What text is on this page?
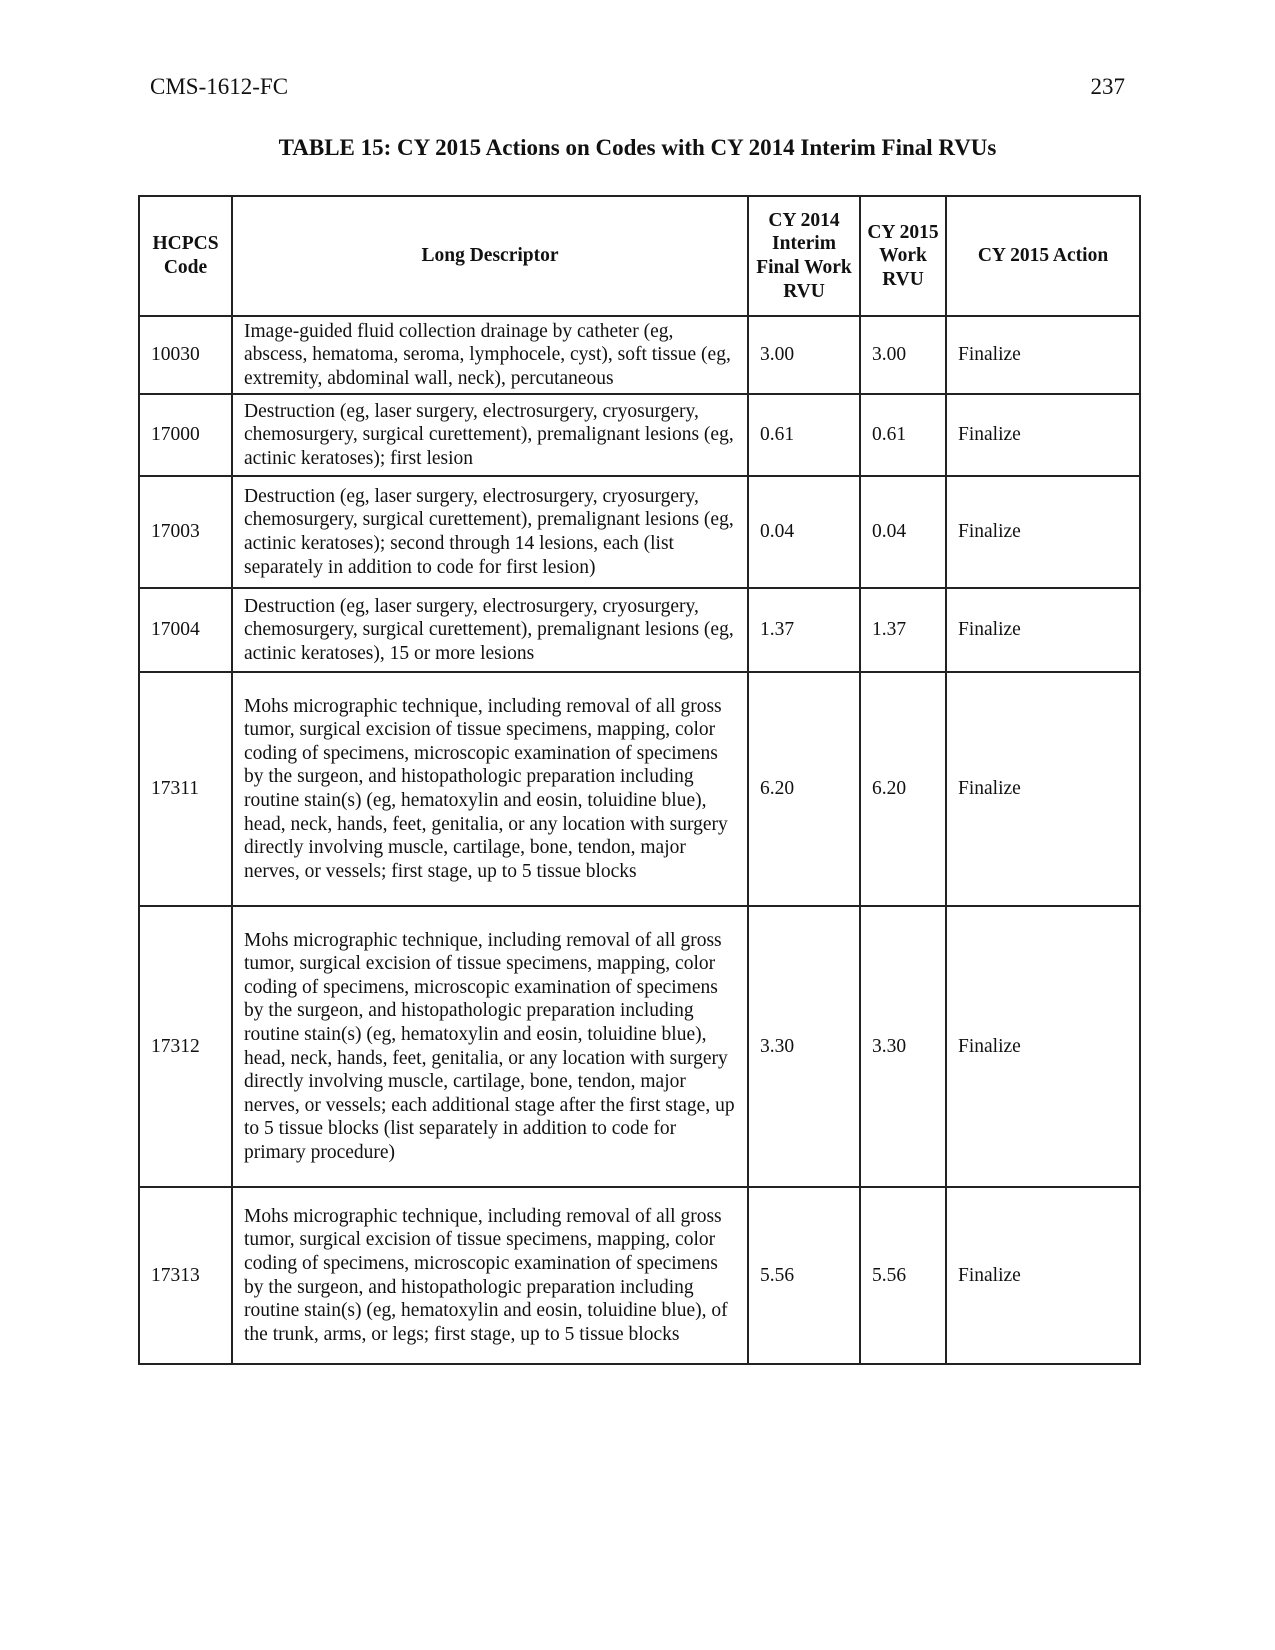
CMS-1612-FC	237
TABLE 15: CY 2015 Actions on Codes with CY 2014 Interim Final RVUs
HCPCS Code	Long Descriptor	CY 2014 Interim Final Work RVU	CY 2015 Work RVU	CY 2015 Action
10030	Image-guided fluid collection drainage by catheter (eg, abscess, hematoma, seroma, lymphocele, cyst), soft tissue (eg, extremity, abdominal wall, neck), percutaneous	3.00	3.00	Finalize
17000	Destruction (eg, laser surgery, electrosurgery, cryosurgery, chemosurgery, surgical curettement), premalignant lesions (eg, actinic keratoses); first lesion	0.61	0.61	Finalize
17003	Destruction (eg, laser surgery, electrosurgery, cryosurgery, chemosurgery, surgical curettement), premalignant lesions (eg, actinic keratoses); second through 14 lesions, each (list separately in addition to code for first lesion)	0.04	0.04	Finalize
17004	Destruction (eg, laser surgery, electrosurgery, cryosurgery, chemosurgery, surgical curettement), premalignant lesions (eg, actinic keratoses), 15 or more lesions	1.37	1.37	Finalize
17311	Mohs micrographic technique, including removal of all gross tumor, surgical excision of tissue specimens, mapping, color coding of specimens, microscopic examination of specimens by the surgeon, and histopathologic preparation including routine stain(s) (eg, hematoxylin and eosin, toluidine blue), head, neck, hands, feet, genitalia, or any location with surgery directly involving muscle, cartilage, bone, tendon, major nerves, or vessels; first stage, up to 5 tissue blocks	6.20	6.20	Finalize
17312	Mohs micrographic technique, including removal of all gross tumor, surgical excision of tissue specimens, mapping, color coding of specimens, microscopic examination of specimens by the surgeon, and histopathologic preparation including routine stain(s) (eg, hematoxylin and eosin, toluidine blue), head, neck, hands, feet, genitalia, or any location with surgery directly involving muscle, cartilage, bone, tendon, major nerves, or vessels; each additional stage after the first stage, up to 5 tissue blocks (list separately in addition to code for primary procedure)	3.30	3.30	Finalize
17313	Mohs micrographic technique, including removal of all gross tumor, surgical excision of tissue specimens, mapping, color coding of specimens, microscopic examination of specimens by the surgeon, and histopathologic preparation including routine stain(s) (eg, hematoxylin and eosin, toluidine blue), of the trunk, arms, or legs; first stage, up to 5 tissue blocks	5.56	5.56	Finalize
